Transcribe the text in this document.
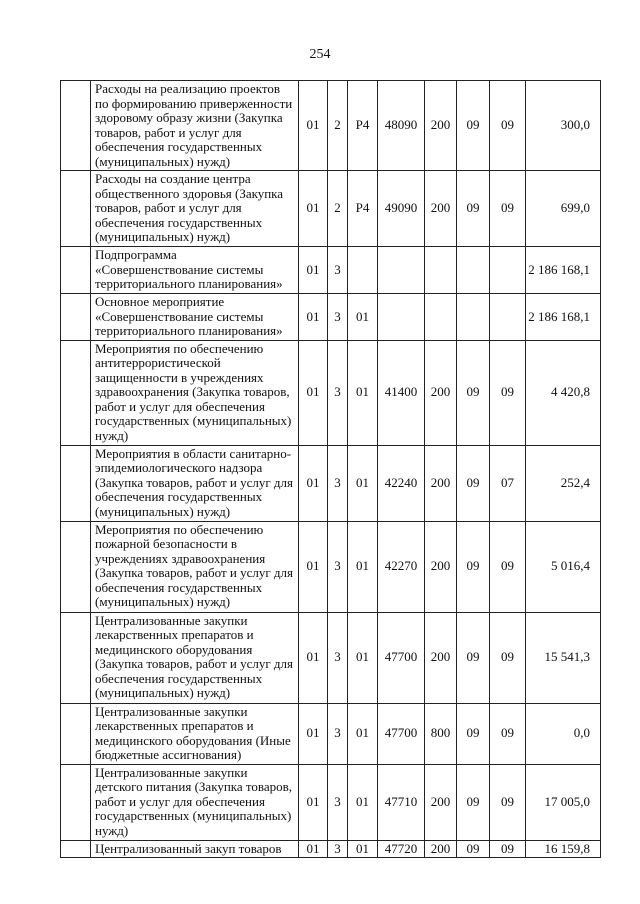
254
	Расходы на реализацию проектов по формированию приверженности здоровому образу жизни (Закупка товаров, работ и услуг для обеспечения государственных (муниципальных) нужд)	01	2	P4	48090	200	09	09	300,0
	Расходы на создание центра общественного здоровья (Закупка товаров, работ и услуг для обеспечения государственных (муниципальных) нужд)	01	2	P4	49090	200	09	09	699,0
	Подпрограмма «Совершенствование системы территориального планирования»	01	3						2 186 168,1
	Основное мероприятие «Совершенствование системы территориального планирования»	01	3	01					2 186 168,1
	Мероприятия по обеспечению антитеррористической защищенности в учреждениях здравоохранения (Закупка товаров, работ и услуг для обеспечения государственных (муниципальных) нужд)	01	3	01	41400	200	09	09	4 420,8
	Мероприятия в области санитарно-эпидемиологического надзора (Закупка товаров, работ и услуг для обеспечения государственных (муниципальных) нужд)	01	3	01	42240	200	09	07	252,4
	Мероприятия по обеспечению пожарной безопасности в учреждениях здравоохранения (Закупка товаров, работ и услуг для обеспечения государственных (муниципальных) нужд)	01	3	01	42270	200	09	09	5 016,4
	Централизованные закупки лекарственных препаратов и медицинского оборудования (Закупка товаров, работ и услуг для обеспечения государственных (муниципальных) нужд)	01	3	01	47700	200	09	09	15 541,3
	Централизованные закупки лекарственных препаратов и медицинского оборудования (Иные бюджетные ассигнования)	01	3	01	47700	800	09	09	0,0
	Централизованные закупки детского питания (Закупка товаров, работ и услуг для обеспечения государственных (муниципальных) нужд)	01	3	01	47710	200	09	09	17 005,0
	Централизованный закуп товаров	01	3	01	47720	200	09	09	16 159,8
